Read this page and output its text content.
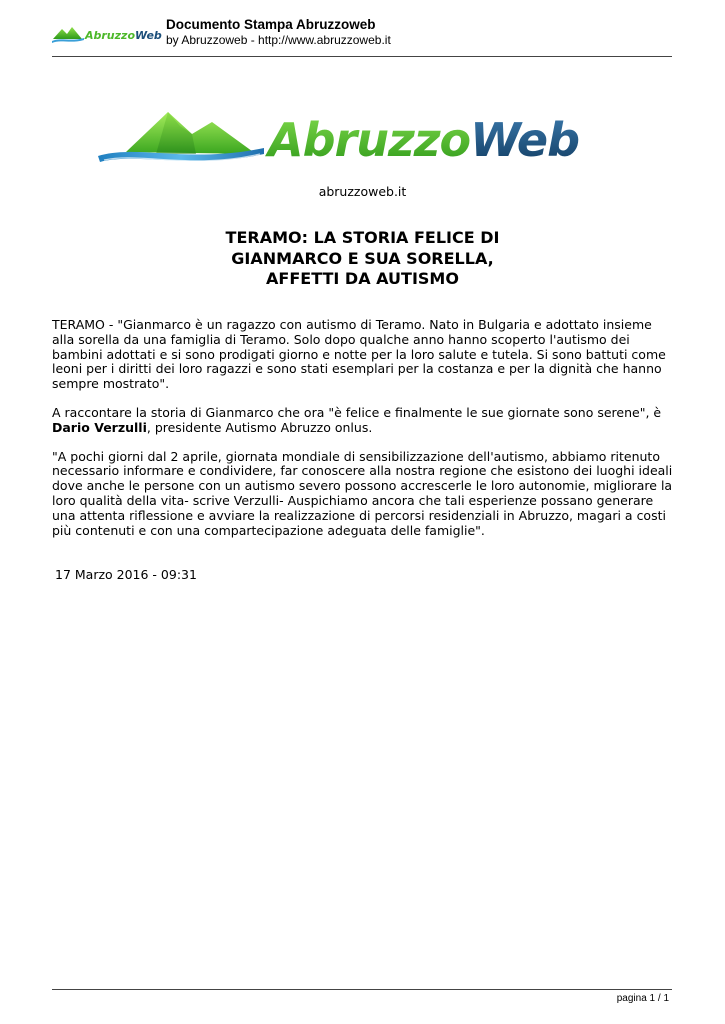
AbruzzoWeb
Documento Stampa Abruzzoweb
by Abruzzoweb - http://www.abruzzoweb.it
AbruzzoWeb
abruzzoweb.it
TERAMO: LA STORIA FELICE DI
GIANMARCO E SUA SORELLA,
AFFETTI DA AUTISMO

TERAMO - "Gianmarco è un ragazzo con autismo di Teramo. Nato in Bulgaria e adottato insieme alla sorella da una famiglia di Teramo. Solo dopo qualche anno hanno scoperto l'autismo dei bambini adottati e si sono prodigati giorno e notte per la loro salute e tutela. Si sono battuti come leoni per i diritti dei loro ragazzi e sono stati esemplari per la costanza e per la dignità che hanno sempre mostrato".

A raccontare la storia di Gianmarco che ora "è felice e finalmente le sue giornate sono serene", è Dario Verzulli, presidente Autismo Abruzzo onlus.

"A pochi giorni dal 2 aprile, giornata mondiale di sensibilizzazione dell'autismo, abbiamo ritenuto necessario informare e condividere, far conoscere alla nostra regione che esistono dei luoghi ideali dove anche le persone con un autismo severo possono accrescerle le loro autonomie, migliorare la loro qualità della vita- scrive Verzulli- Auspichiamo ancora che tali esperienze possano generare una attenta riflessione e avviare la realizzazione di percorsi residenziali in Abruzzo, magari a costi più contenuti e con una compartecipazione adeguata delle famiglie".

17 Marzo 2016 - 09:31
pagina 1 / 1
